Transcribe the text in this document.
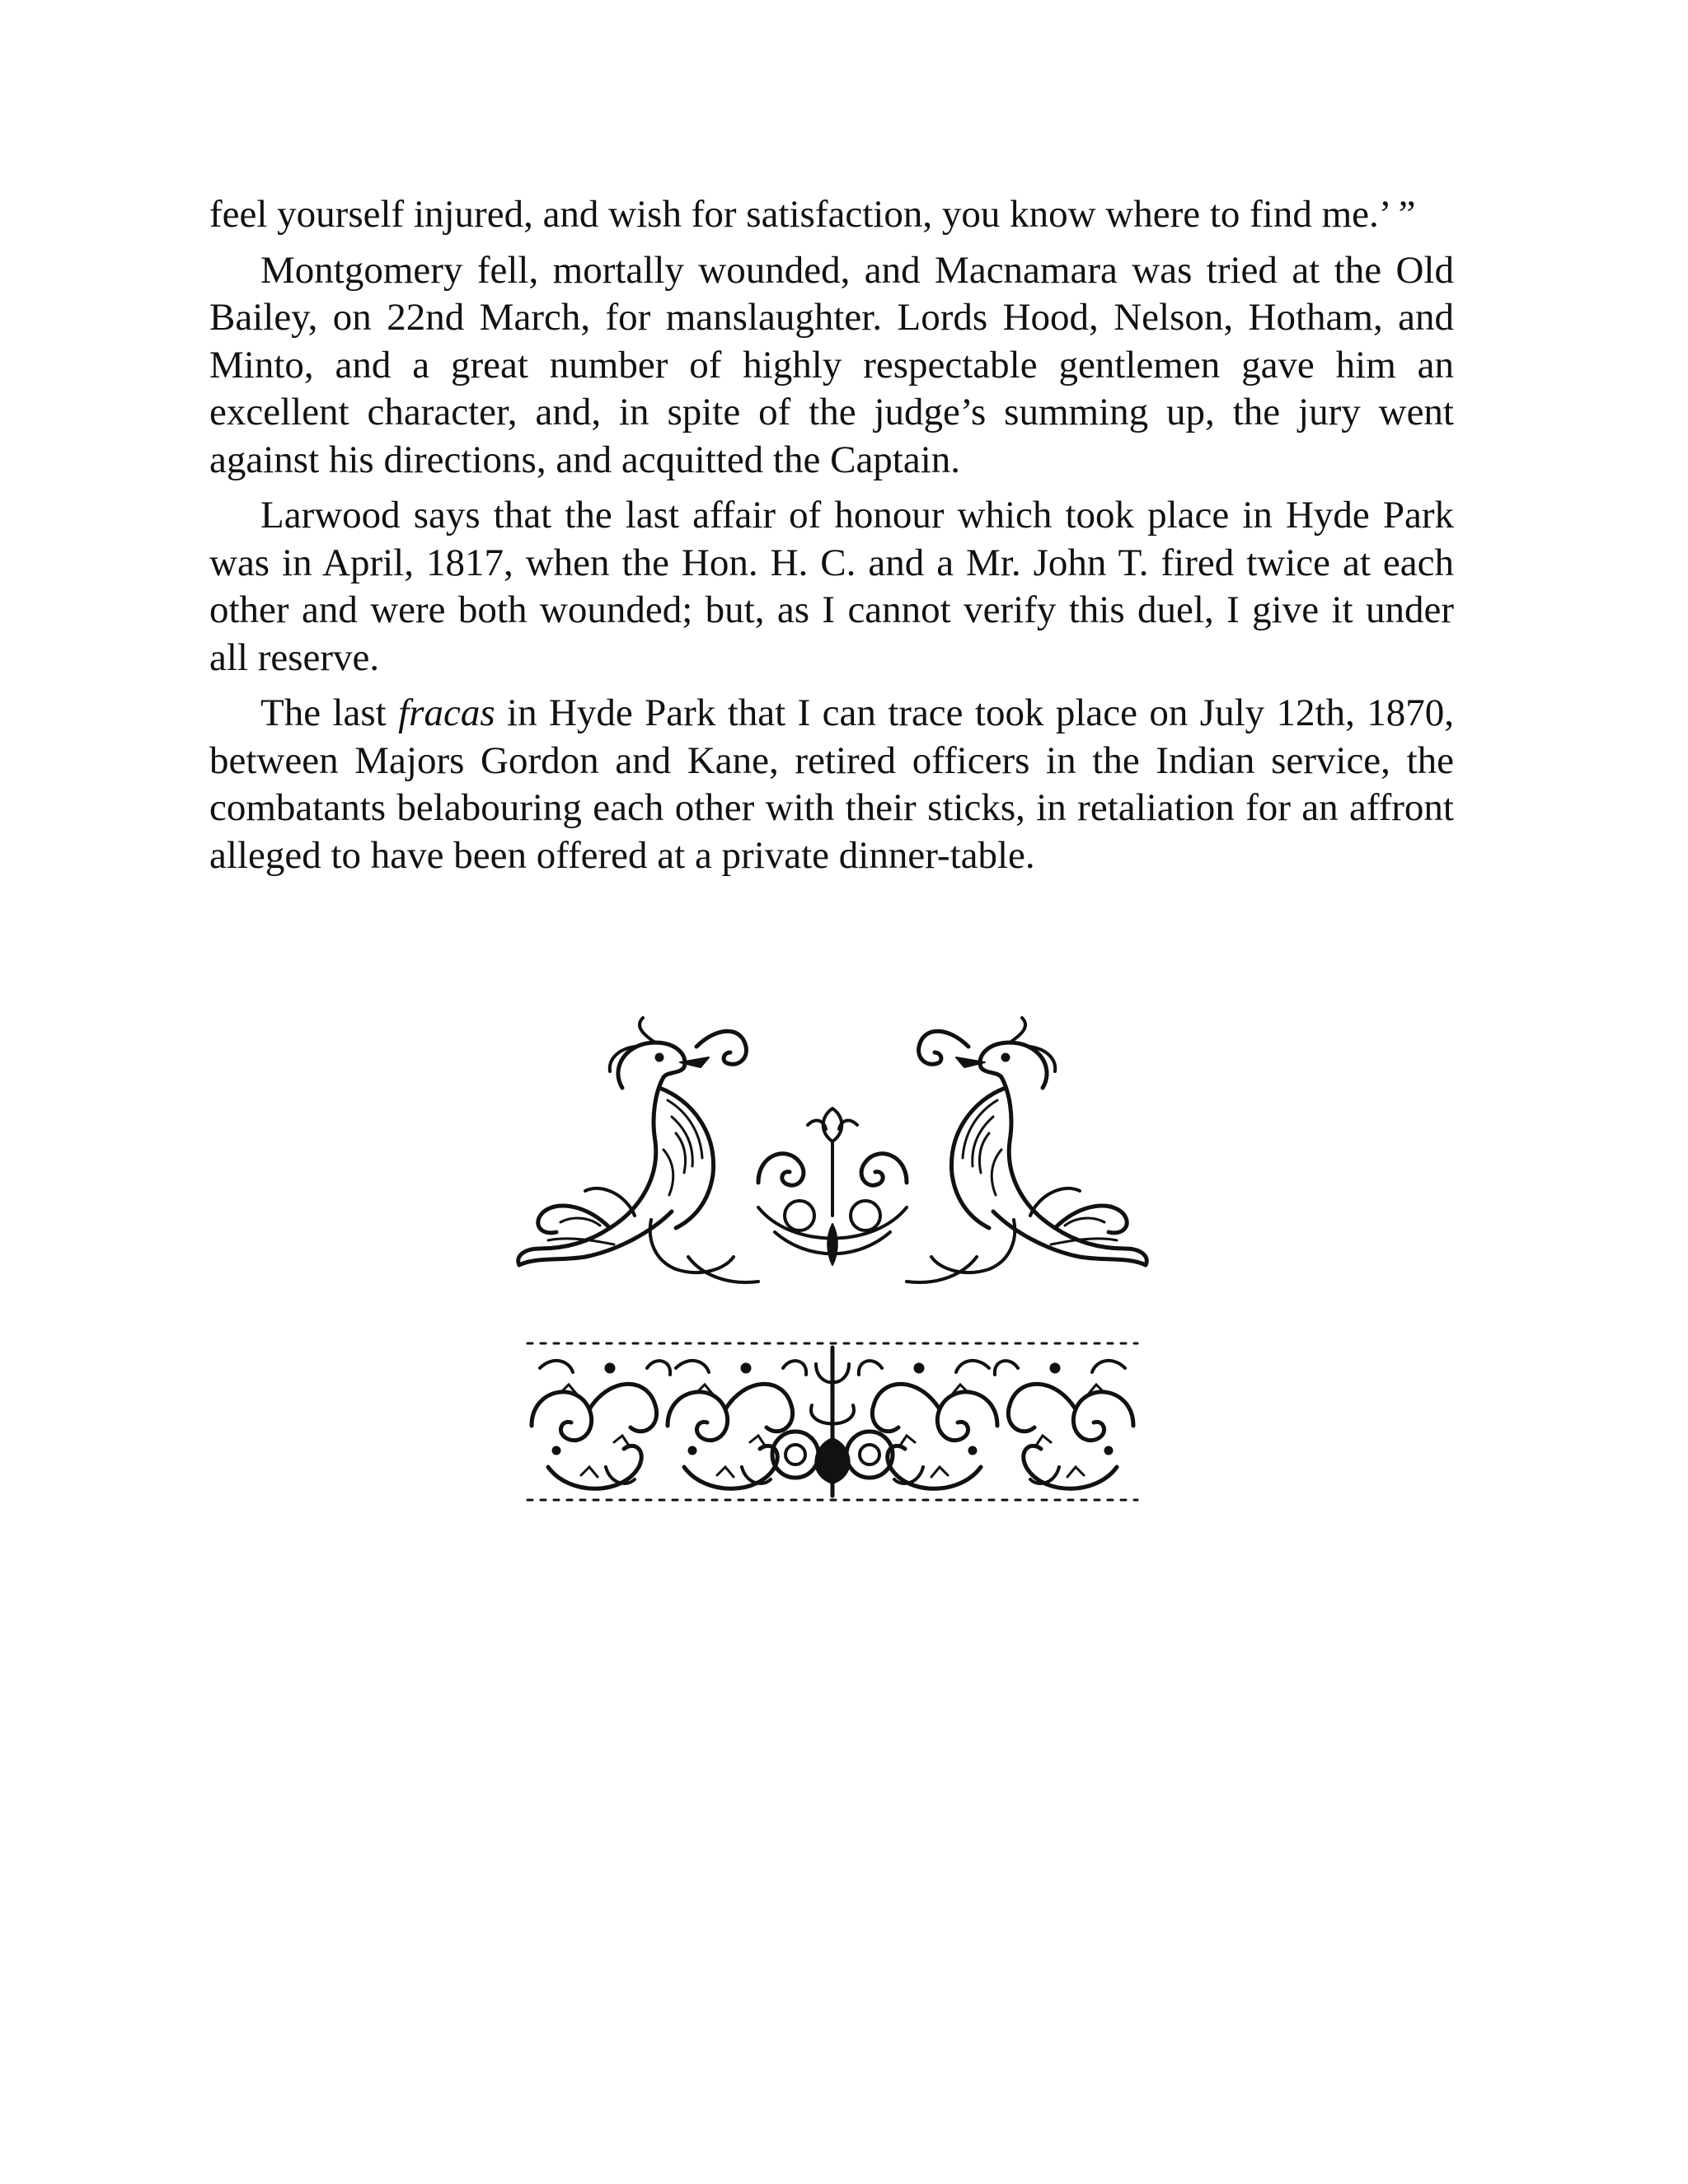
feel yourself injured, and wish for satisfaction, you know where to find me.’ ”

Montgomery fell, mortally wounded, and Macnamara was tried at the Old Bailey, on 22nd March, for manslaughter. Lords Hood, Nelson, Hotham, and Minto, and a great number of highly respectable gentlemen gave him an excellent character, and, in spite of the judge’s summing up, the jury went against his directions, and acquitted the Captain.

Larwood says that the last affair of honour which took place in Hyde Park was in April, 1817, when the Hon. H. C. and a Mr. John T. fired twice at each other and were both wounded; but, as I cannot verify this duel, I give it under all reserve.

The last fracas in Hyde Park that I can trace took place on July 12th, 1870, between Majors Gordon and Kane, retired officers in the Indian service, the combatants belabouring each other with their sticks, in retaliation for an affront alleged to have been offered at a private dinner-table.
